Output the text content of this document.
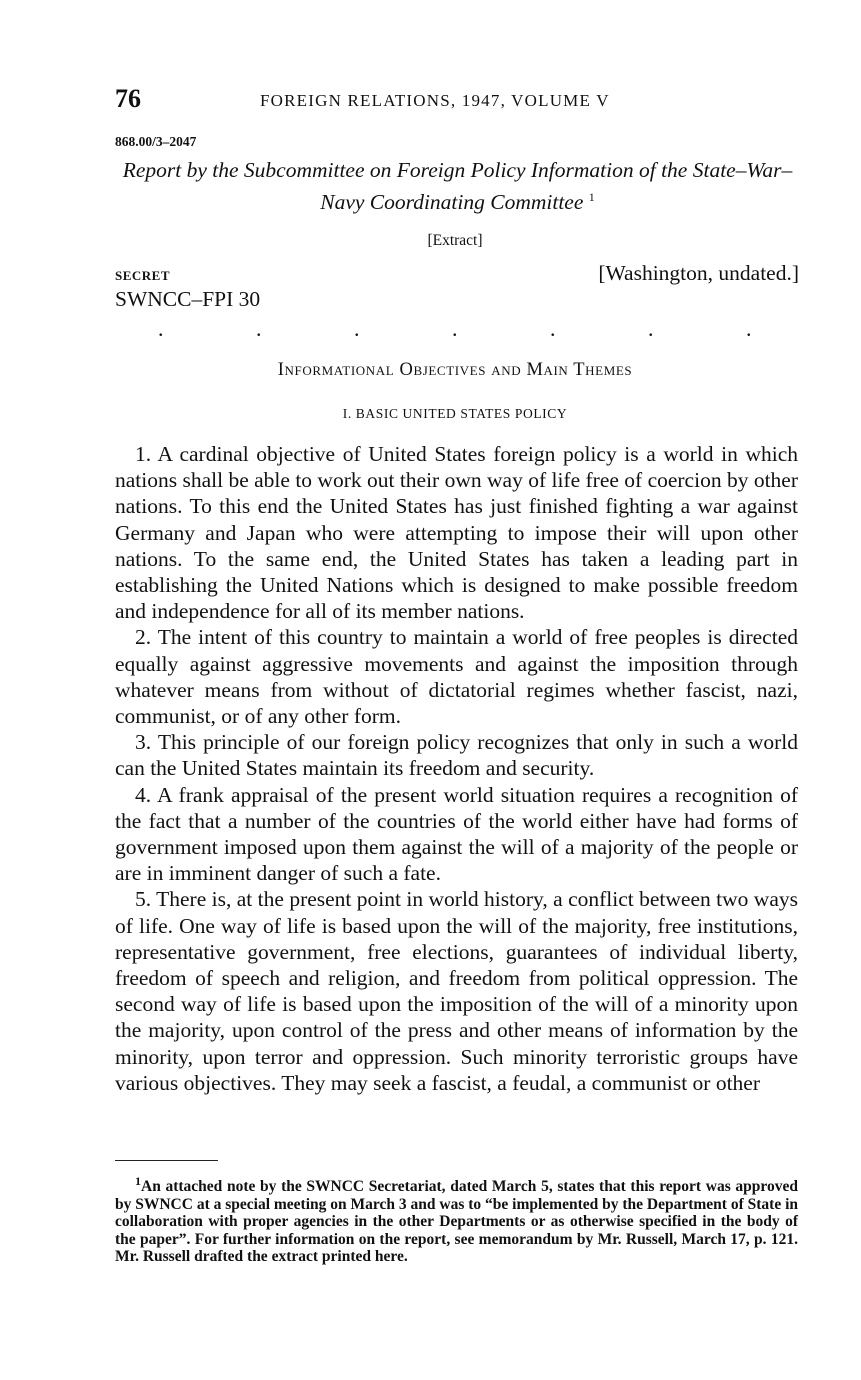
76	FOREIGN RELATIONS, 1947, VOLUME V
868.00/3–2047
Report by the Subcommittee on Foreign Policy Information of the State–War–Navy Coordinating Committee $^1$
[Extract]
SECRET	[Washington, undated.]
SWNCC–FPI 30
.	.	.	.	.	.	.
Informational Objectives and Main Themes
I. BASIC UNITED STATES POLICY

1. A cardinal objective of United States foreign policy is a world in which nations shall be able to work out their own way of life free of coercion by other nations. To this end the United States has just finished fighting a war against Germany and Japan who were attempting to impose their will upon other nations. To the same end, the United States has taken a leading part in establishing the United Nations which is designed to make possible freedom and independence for all of its member nations.

2. The intent of this country to maintain a world of free peoples is directed equally against aggressive movements and against the imposition through whatever means from without of dictatorial regimes whether fascist, nazi, communist, or of any other form.

3. This principle of our foreign policy recognizes that only in such a world can the United States maintain its freedom and security.

4. A frank appraisal of the present world situation requires a recognition of the fact that a number of the countries of the world either have had forms of government imposed upon them against the will of a majority of the people or are in imminent danger of such a fate.

5. There is, at the present point in world history, a conflict between two ways of life. One way of life is based upon the will of the majority, free institutions, representative government, free elections, guarantees of individual liberty, freedom of speech and religion, and freedom from political oppression. The second way of life is based upon the imposition of the will of a minority upon the majority, upon control of the press and other means of information by the minority, upon terror and oppression. Such minority terroristic groups have various objectives. They may seek a fascist, a feudal, a communist or other

$^1$An attached note by the SWNCC Secretariat, dated March 5, states that this report was approved by SWNCC at a special meeting on March 3 and was to “be implemented by the Department of State in collaboration with proper agencies in the other Departments or as otherwise specified in the body of the paper”. For further information on the report, see memorandum by Mr. Russell, March 17, p. 121. Mr. Russell drafted the extract printed here.
